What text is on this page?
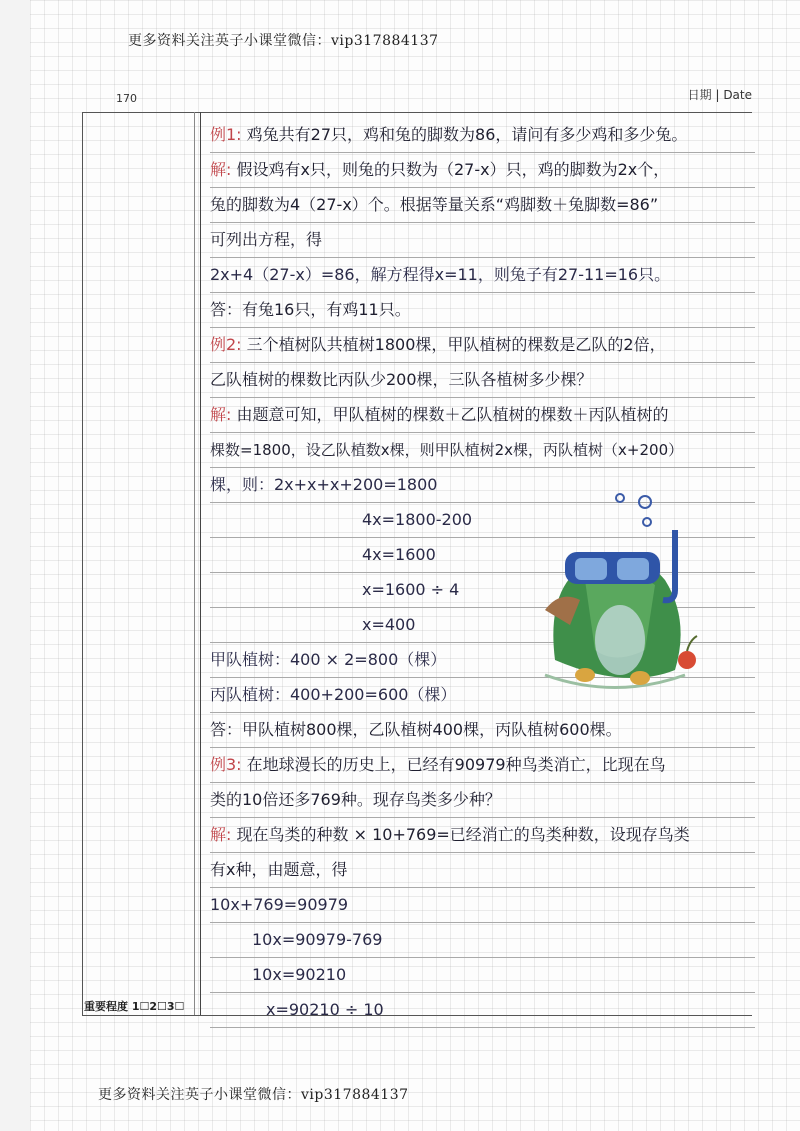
更多资料关注英子小课堂微信：vip317884137
170	日期 | Date
例1: 鸡兔共有27只，鸡和兔的脚数为86，请问有多少鸡和多少兔。
解: 假设鸡有x只，则兔的只数为（27-x）只，鸡的脚数为2x个，
兔的脚数为4（27-x）个。根据等量关系“鸡脚数＋兔脚数=86”
可列出方程，得
2x+4（27-x）=86，解方程得x=11，则兔子有27-11=16只。
答：有兔16只，有鸡11只。
例2: 三个植树队共植树1800棵，甲队植树的棵数是乙队的2倍，
乙队植树的棵数比丙队少200棵，三队各植树多少棵？
解: 由题意可知，甲队植树的棵数＋乙队植树的棵数＋丙队植树的
棵数=1800，设乙队植数x棵，则甲队植树2x棵，丙队植树（x+200）
棵，则：2x+x+x+200=1800
4x=1800-200
4x=1600
x=1600 ÷ 4
x=400
甲队植树：400 × 2=800（棵）
丙队植树：400+200=600（棵）
答：甲队植树800棵，乙队植树400棵，丙队植树600棵。
例3: 在地球漫长的历史上，已经有90979种鸟类消亡，比现在鸟
类的10倍还多769种。现存鸟类多少种？
解: 现在鸟类的种数 × 10+769=已经消亡的鸟类种数，设现存鸟类
有x种，由题意，得
10x+769=90979
10x=90979-769
10x=90210
x=90210 ÷ 10
重要程度 1☐2☐3☐
更多资料关注英子小课堂微信：vip317884137
